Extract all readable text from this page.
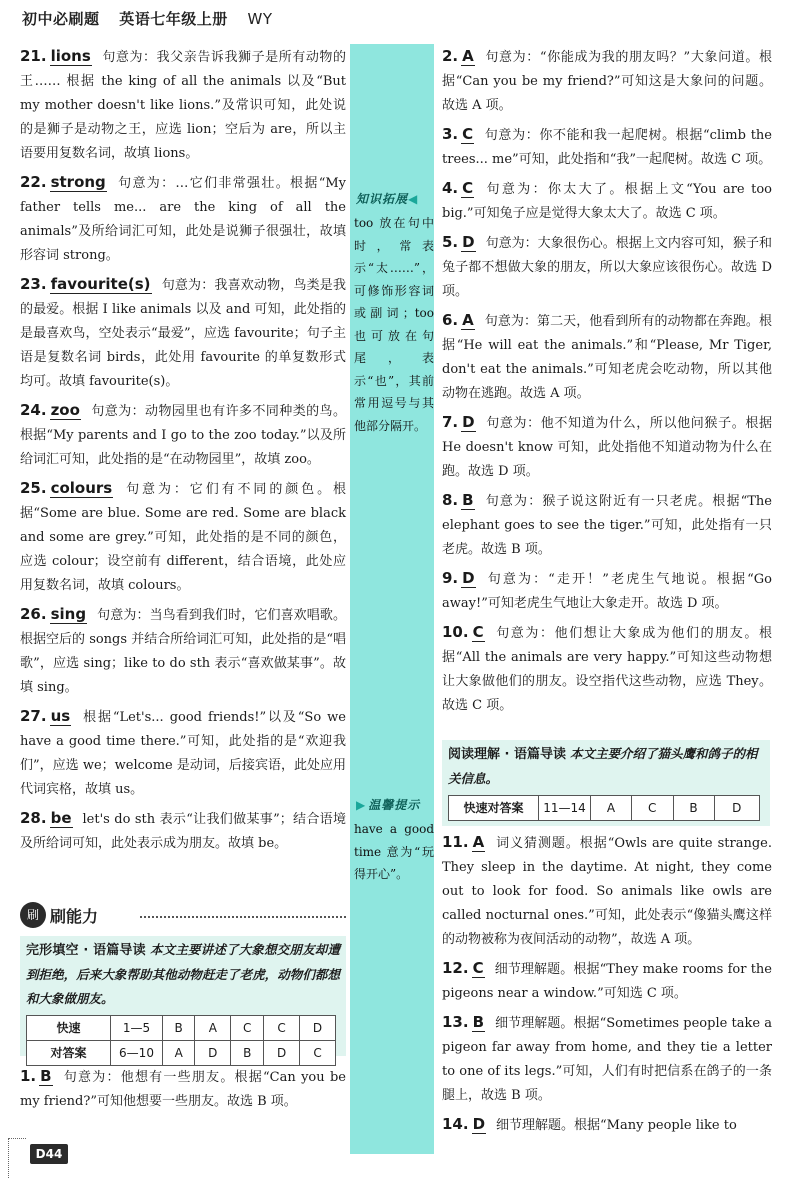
初中必刷题 英语七年级上册 WY
21. lions 句意为：我父亲告诉我狮子是所有动物的王…… 根据 the king of all the animals 以及“But my mother doesn't like lions.”及常识可知，此处说的是狮子是动物之王，应选 lion；空后为 are，所以主语要用复数名词，故填 lions。
22. strong 句意为：…它们非常强壮。根据“My father tells me... are the king of all the animals”及所给词汇可知，此处是说狮子很强壮，故填形容词 strong。
23. favourite(s) 句意为：我喜欢动物，鸟类是我的最爱。根据 I like animals 以及 and 可知，此处指的是最喜欢鸟，空处表示“最爱”，应选 favourite；句子主语是复数名词 birds，此处用 favourite 的单复数形式均可。故填 favourite(s)。
24. zoo 句意为：动物园里也有许多不同种类的鸟。根据“My parents and I go to the zoo today.”以及所给词汇可知，此处指的是“在动物园里”，故填 zoo。
25. colours 句意为：它们有不同的颜色。根据“Some are blue. Some are red. Some are black and some are grey.”可知，此处指的是不同的颜色，应选 colour；设空前有 different，结合语境，此处应用复数名词，故填 colours。
26. sing 句意为：当鸟看到我们时，它们喜欢唱歌。根据空后的 songs 并结合所给词汇可知，此处指的是“唱歌”，应选 sing；like to do sth 表示“喜欢做某事”。故填 sing。
27. us 根据“Let's... good friends!”以及“So we have a good time there.”可知，此处指的是“欢迎我们”，应选 we；welcome 是动词，后接宾语，此处应用代词宾格，故填 us。
28. be let's do sth 表示“让我们做某事”；结合语境及所给词可知，此处表示成为朋友。故填 be。
刷 刷能力
完形填空 · 语篇导读 本文主要讲述了大象想交朋友却遭到拒绝，后来大象帮助其他动物赶走了老虎，动物们都想和大象做朋友。
快速	1—5	B	A	C	C	D
对答案	6—10	A	D	B	D	C
1. B 句意为：他想有一些朋友。根据“Can you be my friend?”可知他想要一些朋友。故选 B 项。
知识拓展◀
too 放在句中时，常表示“太……”，可修饰形容词或副词；too 也可放在句尾，表示“也”，其前常用逗号与其他部分隔开。
▶ 温馨提示
have a good time 意为“玩得开心”。
2. A 句意为：“你能成为我的朋友吗？”大象问道。根据“Can you be my friend?”可知这是大象问的问题。故选 A 项。
3. C 句意为：你不能和我一起爬树。根据“climb the trees... me”可知，此处指和“我”一起爬树。故选 C 项。
4. C 句意为：你太大了。根据上文“You are too big.”可知兔子应是觉得大象太大了。故选 C 项。
5. D 句意为：大象很伤心。根据上文内容可知，猴子和兔子都不想做大象的朋友，所以大象应该很伤心。故选 D 项。
6. A 句意为：第二天，他看到所有的动物都在奔跑。根据“He will eat the animals.”和“Please, Mr Tiger, don't eat the animals.”可知老虎会吃动物，所以其他动物在逃跑。故选 A 项。
7. D 句意为：他不知道为什么，所以他问猴子。根据 He doesn't know 可知，此处指他不知道动物为什么在跑。故选 D 项。
8. B 句意为：猴子说这附近有一只老虎。根据“The elephant goes to see the tiger.”可知，此处指有一只老虎。故选 B 项。
9. D 句意为：“走开！”老虎生气地说。根据“Go away!”可知老虎生气地让大象走开。故选 D 项。
10. C 句意为：他们想让大象成为他们的朋友。根据“All the animals are very happy.”可知这些动物想让大象做他们的朋友。设空指代这些动物，应选 They。故选 C 项。
阅读理解 · 语篇导读 本文主要介绍了猫头鹰和鸽子的相关信息。
快速对答案	11—14	A	C	B	D
11. A 词义猜测题。根据“Owls are quite strange. They sleep in the daytime. At night, they come out to look for food. So animals like owls are called nocturnal ones.”可知，此处表示“像猫头鹰这样的动物被称为夜间活动的动物”，故选 A 项。
12. C 细节理解题。根据“They make rooms for the pigeons near a window.”可知选 C 项。
13. B 细节理解题。根据“Sometimes people take a pigeon far away from home, and they tie a letter to one of its legs.”可知，人们有时把信系在鸽子的一条腿上，故选 B 项。
14. D 细节理解题。根据“Many people like to
D44
